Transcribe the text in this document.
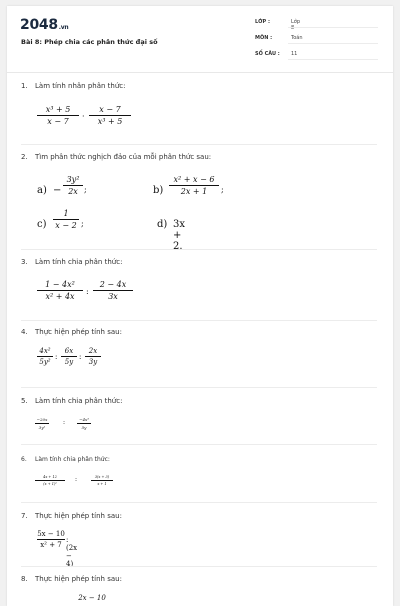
2048.vn
Bài 8: Phép chia các phân thức đại số
LỚP :	Lớp 8
MÔN :	Toán
SỐ CÂU : 11
1. Làm tính nhân phân thức:
x³ + 5
x − 7
·
x − 7
x³ + 5
2. Tìm phân thức nghịch đảo của mỗi phân thức sau:
a) −
3y²
2x ;	b)
x² + x − 6
2x + 1	;
c)
1
x − 2 ;	d) 3x + 2.
3. Làm tính chia phân thức:
1 − 4x²
x² + 4x
:
2 − 4x
3x
4. Thực hiện phép tính sau:
4x²
5y²
:
6x
5y
:
2x
3y
5. Làm tính chia phân thức:
−20x
3y²
:	−4x³
5y
6. Làm tính chia phân thức:
4x + 12
(x + 1)²
:	3(x + 3)
x + 1
7. Thực hiện phép tính sau:
5x − 10
x² + 7
:(2x − 4)
8. Thực hiện phép tính sau:
2x − 10
